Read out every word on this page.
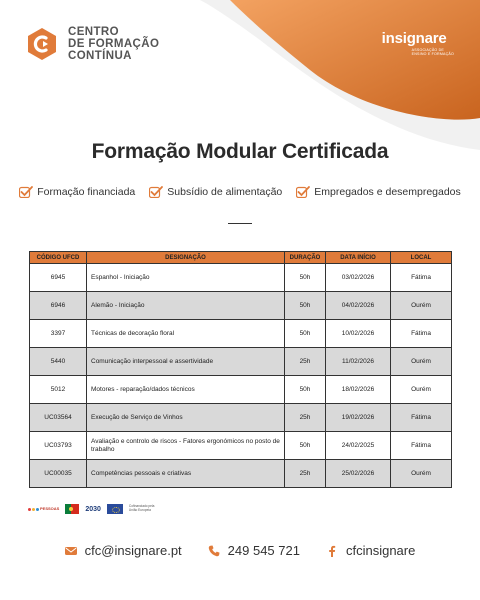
CENTRO
DE FORMAÇÃO
CONTÍNUA
insignare
ASSOCIAÇÃO DE
ENSINO E FORMAÇÃO
Formação Modular Certificada
Formação financiada	Subsídio de alimentação	Empregados e desempregados
CÓDIGO UFCD	DESIGNAÇÃO	DURAÇÃO	DATA INÍCIO	LOCAL
6945	Espanhol - Iniciação	50h	03/02/2026	Fátima
6946	Alemão - Iniciação	50h	04/02/2026	Ourém
3397	Técnicas de decoração floral	50h	10/02/2026	Fátima
5440	Comunicação interpessoal e assertividade	25h	11/02/2026	Ourém
5012	Motores - reparação/dados técnicos	50h	18/02/2026	Ourém
UC03564	Execução de Serviço de Vinhos	25h	19/02/2026	Fátima
UC03793	Avaliação e controlo de riscos - Fatores ergonómicos no posto de trabalho	50h	24/02/2025	Fátima
UC00035	Competências pessoais e criativas	25h	25/02/2026	Ourém
PESSOAS	2030	Cofinanciado pela
União Europeia
cfc@insignare.pt	249 545 721	cfcinsignare
